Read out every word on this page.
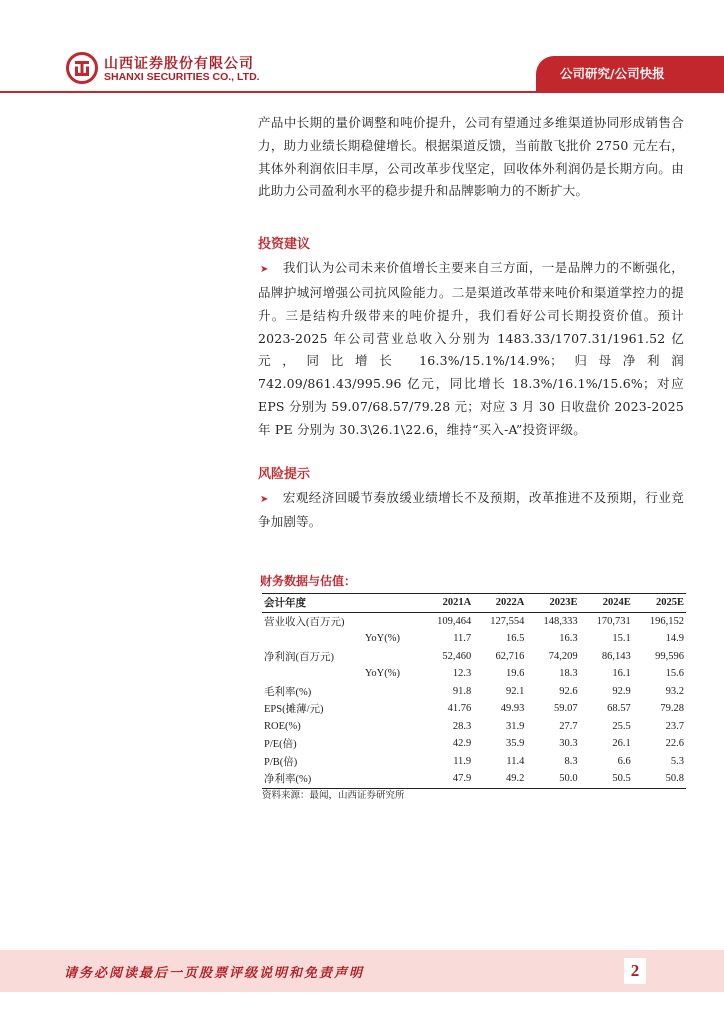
山西证券股份有限公司
SHANXI SECURITIES CO., LTD.	公司研究/公司快报

产品中长期的量价调整和吨价提升，公司有望通过多维渠道协同形成销售合力，助力业绩长期稳健增长。根据渠道反馈，当前散飞批价 2750 元左右，其体外利润依旧丰厚，公司改革步伐坚定，回收体外利润仍是长期方向。由此助力公司盈利水平的稳步提升和品牌影响力的不断扩大。

投资建议

➤ 我们认为公司未来价值增长主要来自三方面，一是品牌力的不断强化，品牌护城河增强公司抗风险能力。二是渠道改革带来吨价和渠道掌控力的提升。三是结构升级带来的吨价提升，我们看好公司长期投资价值。预计 2023-2025 年公司营业总收入分别为 1483.33/1707.31/1961.52 亿元，同比增长 16.3%/15.1%/14.9%；归母净利润 742.09/861.43/995.96 亿元，同比增长 18.3%/16.1%/15.6%；对应 EPS 分别为 59.07/68.57/79.28 元；对应 3 月 30 日收盘价 2023-2025 年 PE 分别为 30.3\26.1\22.6，维持“买入-A”投资评级。

风险提示

➤ 宏观经济回暖节奏放缓业绩增长不及预期，改革推进不及预期，行业竞争加剧等。

财务数据与估值：
会计年度	2021A	2022A	2023E	2024E	2025E
营业收入(百万元)	109,464	127,554	148,333	170,731	196,152
YoY(%)	11.7	16.5	16.3	15.1	14.9
净利润(百万元)	52,460	62,716	74,209	86,143	99,596
YoY(%)	12.3	19.6	18.3	16.1	15.6
毛利率(%)	91.8	92.1	92.6	92.9	93.2
EPS(摊薄/元)	41.76	49.93	59.07	68.57	79.28
ROE(%)	28.3	31.9	27.7	25.5	23.7
P/E(倍)	42.9	35.9	30.3	26.1	22.6
P/B(倍)	11.9	11.4	8.3	6.6	5.3
净利率(%)	47.9	49.2	50.0	50.5	50.8
资料来源：最闻，山西证券研究所
请务必阅读最后一页股票评级说明和免责声明	2
